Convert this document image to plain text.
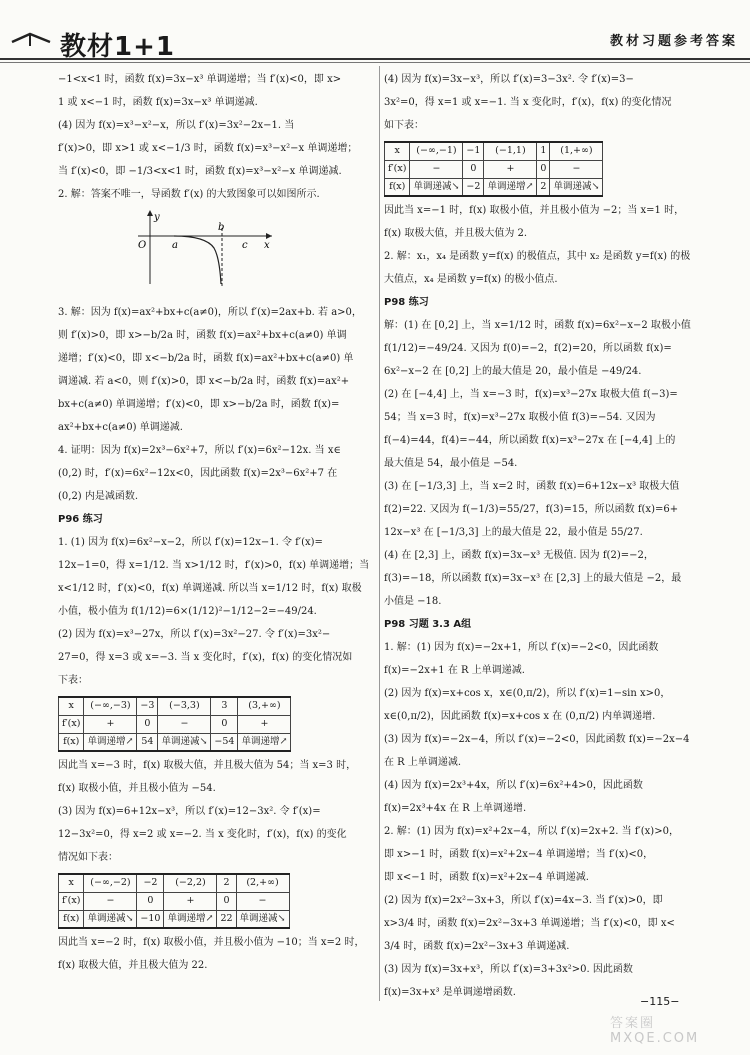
教材1+1	教材习题参考答案
−1<x<1 时，函数 f(x)=3x−x³ 单调递增；当 f′(x)<0，即 x>
1 或 x<−1 时，函数 f(x)=3x−x³ 单调递减.
(4) 因为 f(x)=x³−x²−x，所以 f′(x)=3x²−2x−1. 当
f′(x)>0，即 x>1 或 x<−1/3 时，函数 f(x)=x³−x²−x 单调递增；
当 f′(x)<0，即 −1/3<x<1 时，函数 f(x)=x³−x²−x 单调递减.
2. 解：答案不唯一，导函数 f′(x) 的大致图象可以如图所示.
y
O	a
b
c x
3. 解：因为 f(x)=ax²+bx+c(a≠0)，所以 f′(x)=2ax+b. 若 a>0，
则 f′(x)>0，即 x>−b/2a 时，函数 f(x)=ax²+bx+c(a≠0) 单调
递增；f′(x)<0，即 x<−b/2a 时，函数 f(x)=ax²+bx+c(a≠0) 单
调递减. 若 a<0，则 f′(x)>0，即 x<−b/2a 时，函数 f(x)=ax²+
bx+c(a≠0) 单调递增；f′(x)<0，即 x>−b/2a 时，函数 f(x)=
ax²+bx+c(a≠0) 单调递减.
4. 证明：因为 f(x)=2x³−6x²+7，所以 f′(x)=6x²−12x. 当 x∈
(0,2) 时，f′(x)=6x²−12x<0，因此函数 f(x)=2x³−6x²+7 在
(0,2) 内是减函数.
P96 练习
1. (1) 因为 f(x)=6x²−x−2，所以 f′(x)=12x−1. 令 f′(x)=
12x−1=0，得 x=1/12. 当 x>1/12 时，f′(x)>0，f(x) 单调递增；当
x<1/12 时，f′(x)<0，f(x) 单调递减. 所以当 x=1/12 时，f(x) 取极
小值，极小值为 f(1/12)=6×(1/12)²−1/12−2=−49/24.
(2) 因为 f(x)=x³−27x，所以 f′(x)=3x²−27. 令 f′(x)=3x²−
27=0，得 x=3 或 x=−3. 当 x 变化时，f′(x)，f(x) 的变化情况如
下表：
x	(−∞,−3)	−3	(−3,3)	3	(3,+∞)
f′(x)	+	0	−	0	+
f(x)	单调递增↗	54	单调递减↘	−54	单调递增↗
因此当 x=−3 时，f(x) 取极大值，并且极大值为 54；当 x=3 时，
f(x) 取极小值，并且极小值为 −54.
(3) 因为 f(x)=6+12x−x³，所以 f′(x)=12−3x². 令 f′(x)=
12−3x²=0，得 x=2 或 x=−2. 当 x 变化时，f′(x)，f(x) 的变化
情况如下表：
x	(−∞,−2)	−2	(−2,2)	2	(2,+∞)
f′(x)	−	0	+	0	−
f(x)	单调递减↘	−10	单调递增↗	22	单调递减↘
因此当 x=−2 时，f(x) 取极小值，并且极小值为 −10；当 x=2 时，
f(x) 取极大值，并且极大值为 22.
(4) 因为 f(x)=3x−x³，所以 f′(x)=3−3x². 令 f′(x)=3−
3x²=0，得 x=1 或 x=−1. 当 x 变化时，f′(x)，f(x) 的变化情况
如下表：
x	(−∞,−1)	−1	(−1,1)	1	(1,+∞)
f′(x)	−	0	+	0	−
f(x)	单调递减↘	−2	单调递增↗	2	单调递减↘
因此当 x=−1 时，f(x) 取极小值，并且极小值为 −2；当 x=1 时，
f(x) 取极大值，并且极大值为 2.
2. 解：x₁，x₄ 是函数 y=f(x) 的极值点，其中 x₂ 是函数 y=f(x) 的极
大值点，x₄ 是函数 y=f(x) 的极小值点.
P98 练习
解：(1) 在 [0,2] 上，当 x=1/12 时，函数 f(x)=6x²−x−2 取极小值
f(1/12)=−49/24. 又因为 f(0)=−2，f(2)=20，所以函数 f(x)=
6x²−x−2 在 [0,2] 上的最大值是 20，最小值是 −49/24.
(2) 在 [−4,4] 上，当 x=−3 时，f(x)=x³−27x 取极大值 f(−3)=
54；当 x=3 时，f(x)=x³−27x 取极小值 f(3)=−54. 又因为
f(−4)=44，f(4)=−44，所以函数 f(x)=x³−27x 在 [−4,4] 上的
最大值是 54，最小值是 −54.
(3) 在 [−1/3,3] 上，当 x=2 时，函数 f(x)=6+12x−x³ 取极大值
f(2)=22. 又因为 f(−1/3)=55/27，f(3)=15，所以函数 f(x)=6+
12x−x³ 在 [−1/3,3] 上的最大值是 22，最小值是 55/27.
(4) 在 [2,3] 上，函数 f(x)=3x−x³ 无极值. 因为 f(2)=−2，
f(3)=−18，所以函数 f(x)=3x−x³ 在 [2,3] 上的最大值是 −2，最
小值是 −18.
P98 习题 3.3 A组
1. 解：(1) 因为 f(x)=−2x+1，所以 f′(x)=−2<0，因此函数
f(x)=−2x+1 在 R 上单调递减.
(2) 因为 f(x)=x+cos x，x∈(0,π/2)，所以 f′(x)=1−sin x>0，
x∈(0,π/2)，因此函数 f(x)=x+cos x 在 (0,π/2) 内单调递增.
(3) 因为 f(x)=−2x−4，所以 f′(x)=−2<0，因此函数 f(x)=−2x−4
在 R 上单调递减.
(4) 因为 f(x)=2x³+4x，所以 f′(x)=6x²+4>0，因此函数
f(x)=2x³+4x 在 R 上单调递增.
2. 解：(1) 因为 f(x)=x²+2x−4，所以 f′(x)=2x+2. 当 f′(x)>0，
即 x>−1 时，函数 f(x)=x²+2x−4 单调递增；当 f′(x)<0，
即 x<−1 时，函数 f(x)=x²+2x−4 单调递减.
(2) 因为 f(x)=2x²−3x+3，所以 f′(x)=4x−3. 当 f′(x)>0，即
x>3/4 时，函数 f(x)=2x²−3x+3 单调递增；当 f′(x)<0，即 x<
3/4 时，函数 f(x)=2x²−3x+3 单调递减.
(3) 因为 f(x)=3x+x³，所以 f′(x)=3+3x²>0. 因此函数
f(x)=3x+x³ 是单调递增函数.
−115−
答案圈 MXQE.COM
